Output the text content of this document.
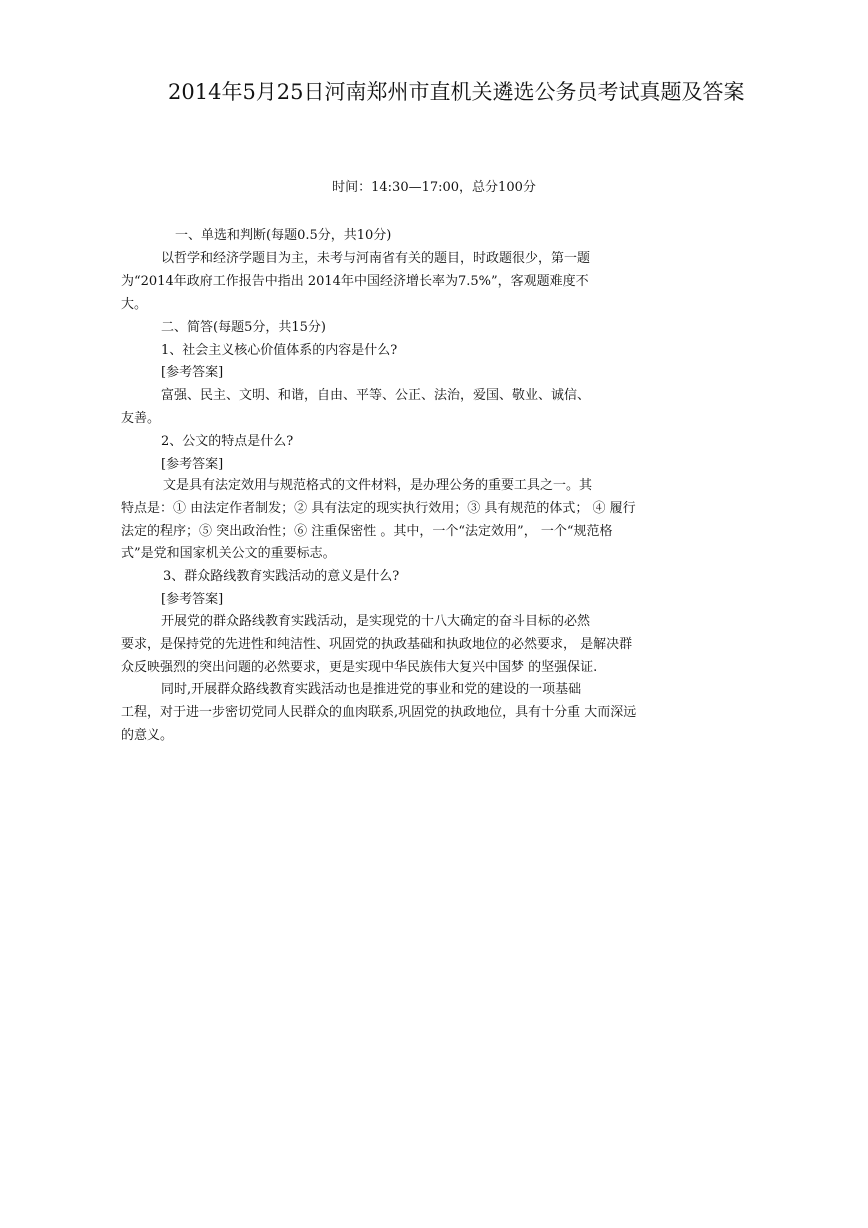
2014年5月25日河南郑州市直机关遴选公务员考试真题及答案
时间：14:30—17:00，总分100分
一、单选和判断(每题0.5分，共10分)
以哲学和经济学题目为主，未考与河南省有关的题目，时政题很少，第一题
为“2014年政府工作报告中指出 2014年中国经济增长率为7.5%”，客观题难度不
大。
二、简答(每题5分，共15分)
1、社会主义核心价值体系的内容是什么?
[参考答案]
富强、民主、文明、和谐，自由、平等、公正、法治，爱国、敬业、诚信、
友善。
2、公文的特点是什么?
[参考答案]
文是具有法定效用与规范格式的文件材料，是办理公务的重要工具之一。其
特点是：① 由法定作者制发；② 具有法定的现实执行效用；③ 具有规范的体式； ④ 履行
法定的程序；⑤ 突出政治性；⑥ 注重保密性 。其中，一个“法定效用”， 一个“规范格
式”是党和国家机关公文的重要标志。
3、群众路线教育实践活动的意义是什么?
[参考答案]
开展党的群众路线教育实践活动，是实现党的十八大确定的奋斗目标的必然
要求，是保持党的先进性和纯洁性、巩固党的执政基础和执政地位的必然要求， 是解决群
众反映强烈的突出问题的必然要求，更是实现中华民族伟大复兴中国梦 的坚强保证.
同时,开展群众路线教育实践活动也是推进党的事业和党的建设的一项基础
工程，对于进一步密切党同人民群众的血肉联系,巩固党的执政地位，具有十分重 大而深远
的意义。
